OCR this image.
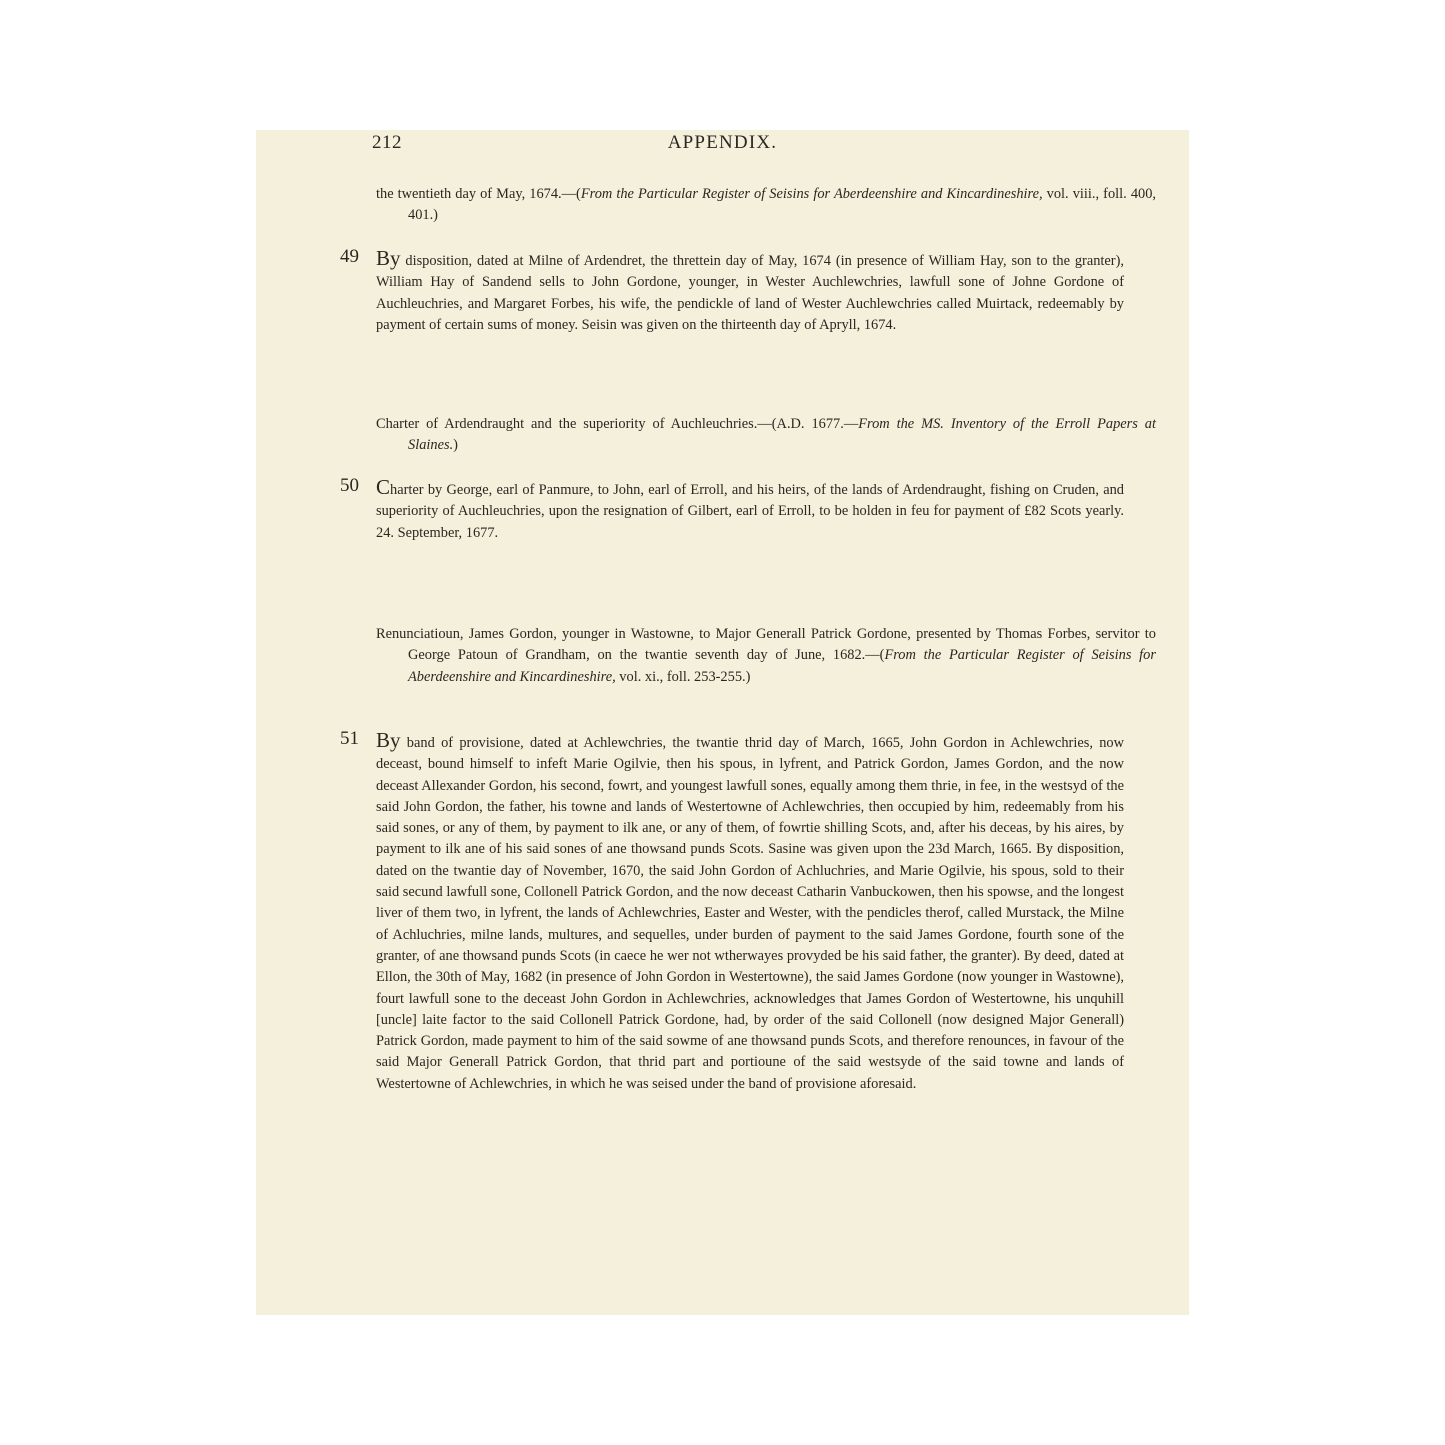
212	APPENDIX.
the twentieth day of May, 1674.—(From the Particular Register of Seisins for Aberdeenshire and Kincardineshire, vol. viii., foll. 400, 401.)
49 By disposition, dated at Milne of Ardendret, the threttein day of May, 1674 (in presence of William Hay, son to the granter), William Hay of Sandend sells to John Gordone, younger, in Wester Auchlewchries, lawfull sone of Johne Gordone of Auchleuchries, and Margaret Forbes, his wife, the pendickle of land of Wester Auchlewchries called Muirtack, redeemably by payment of certain sums of money. Seisin was given on the thirteenth day of Apryll, 1674.
Charter of Ardendraught and the superiority of Auchleuchries.—(A.D. 1677.—From the MS. Inventory of the Erroll Papers at Slaines.)
50 Charter by George, earl of Panmure, to John, earl of Erroll, and his heirs, of the lands of Ardendraught, fishing on Cruden, and superiority of Auchleuchries, upon the resignation of Gilbert, earl of Erroll, to be holden in feu for payment of £82 Scots yearly. 24. September, 1677.
Renunciatioun, James Gordon, younger in Wastowne, to Major Generall Patrick Gordone, presented by Thomas Forbes, servitor to George Patoun of Grandham, on the twantie seventh day of June, 1682.—(From the Particular Register of Seisins for Aberdeenshire and Kincardineshire, vol. xi., foll. 253-255.)
51 By band of provisione, dated at Achlewchries, the twantie thrid day of March, 1665, John Gordon in Achlewchries, now deceast, bound himself to infeft Marie Ogilvie, then his spous, in lyfrent, and Patrick Gordon, James Gordon, and the now deceast Allexander Gordon, his second, fowrt, and youngest lawfull sones, equally among them thrie, in fee, in the westsyd of the said John Gordon, the father, his towne and lands of Westertowne of Achlewchries, then occupied by him, redeemably from his said sones, or any of them, by payment to ilk ane, or any of them, of fowrtie shilling Scots, and, after his deceas, by his aires, by payment to ilk ane of his said sones of ane thowsand punds Scots. Sasine was given upon the 23d March, 1665. By disposition, dated on the twantie day of November, 1670, the said John Gordon of Achluchries, and Marie Ogilvie, his spous, sold to their said secund lawfull sone, Collonell Patrick Gordon, and the now deceast Catharin Vanbuckowen, then his spowse, and the longest liver of them two, in lyfrent, the lands of Achlewchries, Easter and Wester, with the pendicles therof, called Murstack, the Milne of Achluchries, milne lands, multures, and sequelles, under burden of payment to the said James Gordone, fourth sone of the granter, of ane thowsand punds Scots (in caece he wer not wtherwayes provyded be his said father, the granter). By deed, dated at Ellon, the 30th of May, 1682 (in presence of John Gordon in Westertowne), the said James Gordone (now younger in Wastowne), fourt lawfull sone to the deceast John Gordon in Achlewchries, acknowledges that James Gordon of Westertowne, his unquhill [uncle] laite factor to the said Collonell Patrick Gordone, had, by order of the said Collonell (now designed Major Generall) Patrick Gordon, made payment to him of the said sowme of ane thowsand punds Scots, and therefore renounces, in favour of the said Major Generall Patrick Gordon, that thrid part and portioune of the said westsyde of the said towne and lands of Westertowne of Achlewchries, in which he was seised under the band of provisione aforesaid.
